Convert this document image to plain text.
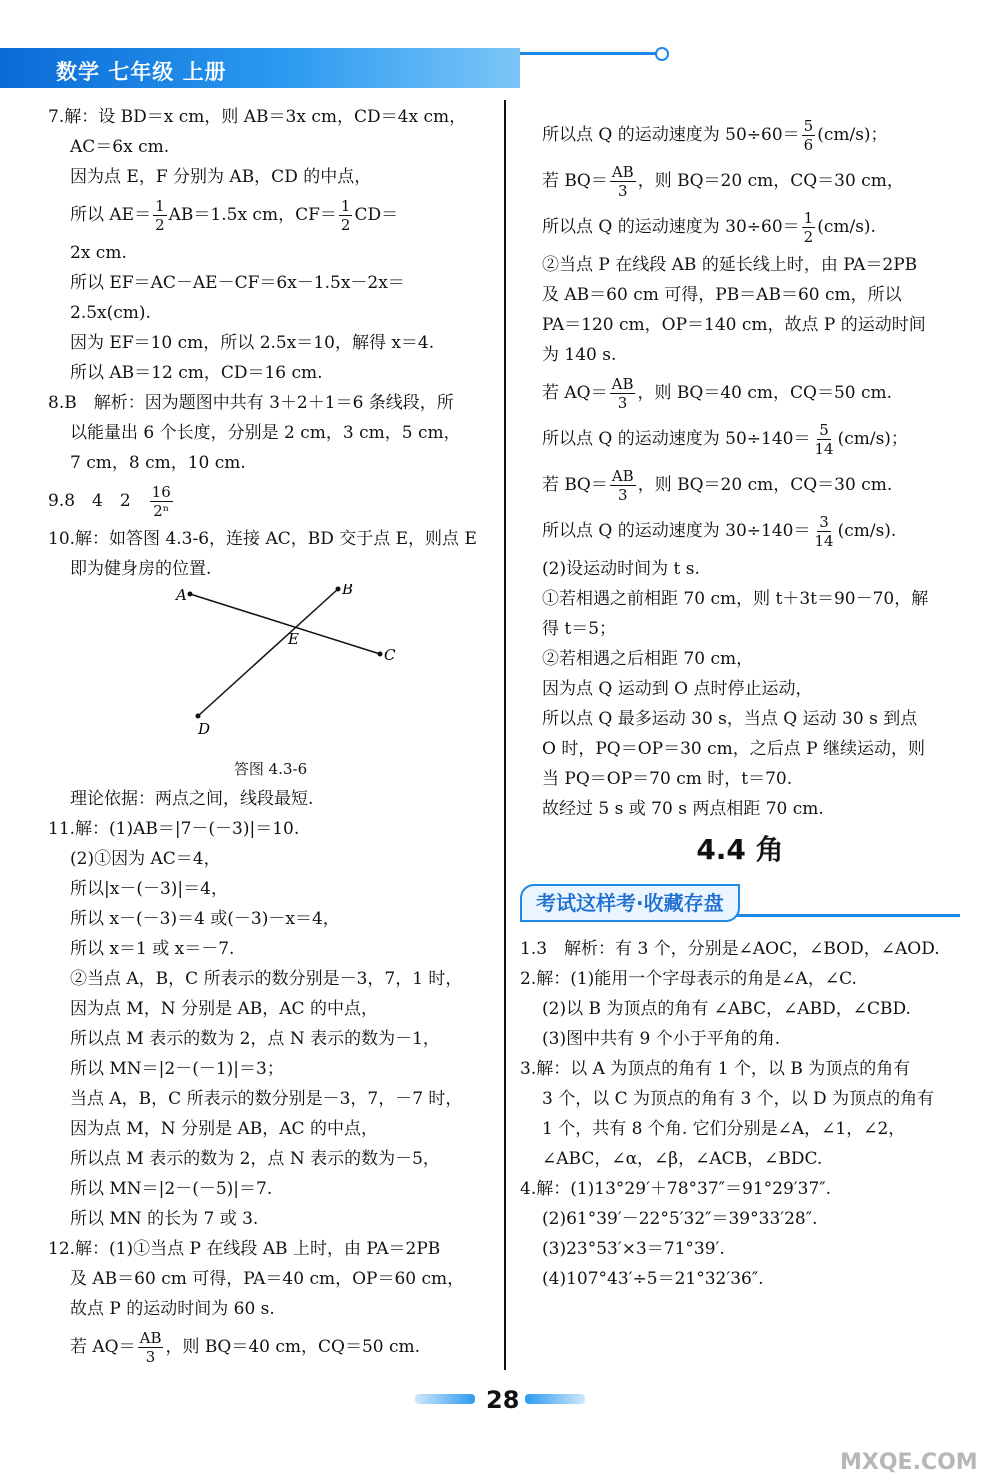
数学 七年级 上册
7.解：设 BD＝x cm，则 AB＝3x cm，CD＝4x cm，
AC＝6x cm.
因为点 E，F 分别为 AB，CD 的中点，
所以 $AE= \frac{1}{2} AB=1.5x$ cm，$CF= \frac{1}{2} CD=$
2x cm.
所以 EF＝AC－AE－CF＝6x－1.5x－2x＝
2.5x(cm).
因为 EF＝10 cm，所以 2.5x＝10，解得 x＝4.
所以 AB＝12 cm，CD＝16 cm.
8.B　解析：因为题图中共有 3＋2＋1＝6 条线段，所
以能量出 6 个长度，分别是 2 cm，3 cm，5 cm，
7 cm，8 cm，10 cm.
9.8　4　2　 $\frac{16}{\text{2ⁿ}}$
10.解：如答图 4.3-6，连接 AC，BD 交于点 E，则点 E
即为健身房的位置.
A	B
C
D
E
答图 4.3-6
理论依据：两点之间，线段最短.
11.解：(1)AB＝|7－(－3)|＝10.
(2)①因为 AC＝4，
所以|x－(－3)|＝4，
所以 x－(－3)＝4 或(－3)－x＝4，
所以 x＝1 或 x＝－7.
②当点 A，B，C 所表示的数分别是－3，7，1 时，
因为点 M，N 分别是 AB，AC 的中点，
所以点 M 表示的数为 2，点 N 表示的数为－1，
所以 MN＝|2－(－1)|＝3；
当点 A，B，C 所表示的数分别是－3，7，－7 时，
因为点 M，N 分别是 AB，AC 的中点，
所以点 M 表示的数为 2，点 N 表示的数为－5，
所以 MN＝|2－(－5)|＝7.
所以 MN 的长为 7 或 3.
12.解：(1)①当点 P 在线段 AB 上时，由 PA＝2PB
及 AB＝60 cm 可得，PA＝40 cm，OP＝60 cm，
故点 P 的运动时间为 60 s.
若 $AQ= \frac{AB}{3}$ ，则 BQ＝40 cm，CQ＝50 cm.
所以点 Q 的运动速度为 $50\div 60= \frac{5}{6} (cm/s)$；
若 $BQ= \frac{AB}{3}$ ，则 BQ＝20 cm，CQ＝30 cm，
所以点 Q 的运动速度为 $30\div 60= \frac{1}{2} (cm/s)$.
②当点 P 在线段 AB 的延长线上时，由 PA＝2PB
及 AB＝60 cm 可得，PB＝AB＝60 cm，所以
PA＝120 cm，OP＝140 cm，故点 P 的运动时间
为 140 s.
若 $AQ= \frac{AB}{3}$ ，则 BQ＝40 cm，CQ＝50 cm.
所以点 Q 的运动速度为 $50\div 140= \frac{5}{14} (cm/s)$；
若 $BQ= \frac{AB}{3}$ ，则 BQ＝20 cm，CQ＝30 cm.
所以点 Q 的运动速度为 $30\div 140= \frac{3}{14} (cm/s)$.
(2)设运动时间为 t s.
①若相遇之前相距 70 cm，则 t＋3t＝90－70，解
得 t＝5；
②若相遇之后相距 70 cm，
因为点 Q 运动到 O 点时停止运动，
所以点 Q 最多运动 30 s，当点 Q 运动 30 s 到点
O 时，PQ＝OP＝30 cm，之后点 P 继续运动，则
当 PQ＝OP＝70 cm 时，t＝70.
故经过 5 s 或 70 s 两点相距 70 cm.
4.4 角
考试这样考·收藏存盘
1.3　解析：有 3 个，分别是∠AOC，∠BOD，∠AOD.
2.解：(1)能用一个字母表示的角是∠A，∠C.
(2)以 B 为顶点的角有 ∠ABC，∠ABD，∠CBD.
(3)图中共有 9 个小于平角的角.
3.解：以 A 为顶点的角有 1 个，以 B 为顶点的角有
3 个，以 C 为顶点的角有 3 个，以 D 为顶点的角有
1 个，共有 8 个角. 它们分别是∠A，∠1，∠2，
∠ABC，∠α，∠β，∠ACB，∠BDC.
4.解：(1)13°29′＋78°37″＝91°29′37″.
(2)61°39′－22°5′32″＝39°33′28″.
(3)23°53′×3＝71°39′.
(4)107°43′÷5＝21°32′36″.
28
MXQE.COM
